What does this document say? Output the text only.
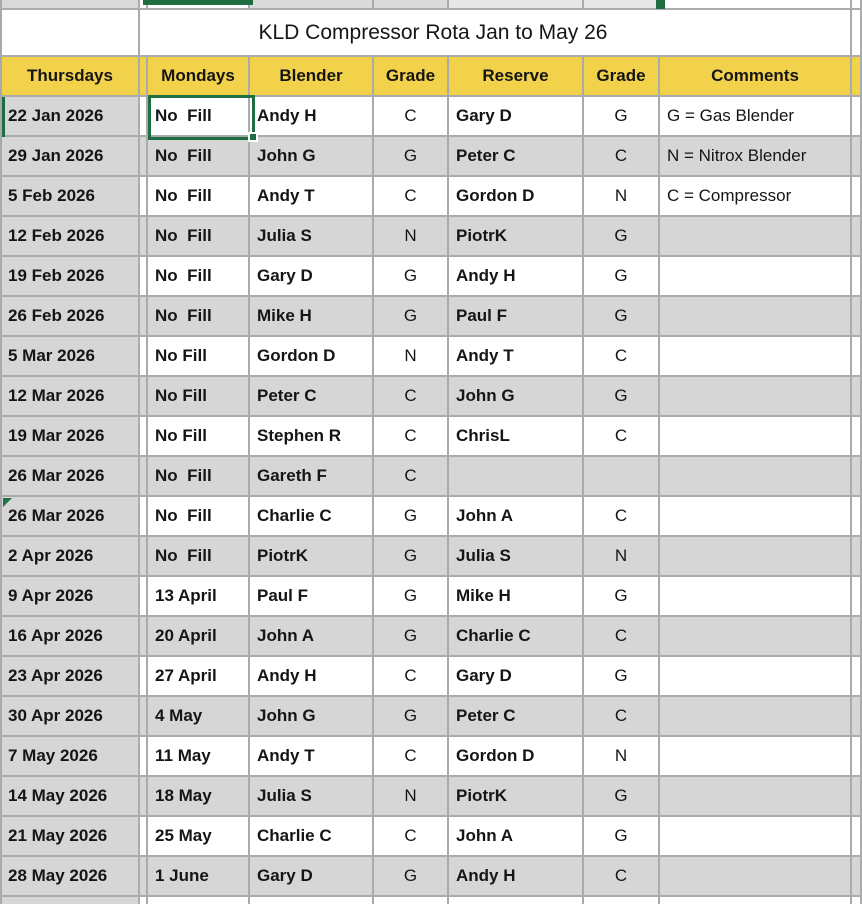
Thursdays	Mondays	Blender	Grade	Reserve	Grade	Comments
22 Jan 2026	No  Fill	Andy H	C	Gary D	G	G = Gas Blender
29 Jan 2026	No  Fill	John G	G	Peter C	C	N = Nitrox Blender
5 Feb 2026	No  Fill	Andy T	C	Gordon D	N	C = Compressor
12 Feb 2026	No  Fill	Julia S	N	PiotrK	G
19 Feb 2026	No  Fill	Gary D	G	Andy H	G
26 Feb 2026	No  Fill	Mike H	G	Paul F	G
5 Mar 2026	No Fill	Gordon D	N	Andy T	C
12 Mar 2026	No Fill	Peter C	C	John G	G
19 Mar 2026	No Fill	Stephen R	C	ChrisL	C
26 Mar 2026	No  Fill	Gareth F	C
26 Mar 2026	No  Fill	Charlie C	G	John A	C
2 Apr 2026	No  Fill	PiotrK	G	Julia S	N
9 Apr 2026	13 April	Paul F	G	Mike H	G
16 Apr 2026	20 April	John A	G	Charlie C	C
23 Apr 2026	27 April	Andy H	C	Gary D	G
30 Apr 2026	4 May	John G	G	Peter C	C
7 May 2026	11 May	Andy T	C	Gordon D	N
14 May 2026	18 May	Julia S	N	PiotrK	G
21 May 2026	25 May	Charlie C	C	John A	G
28 May 2026	1 June	Gary D	G	Andy H	C
KLD Compressor Rota Jan to May 26
